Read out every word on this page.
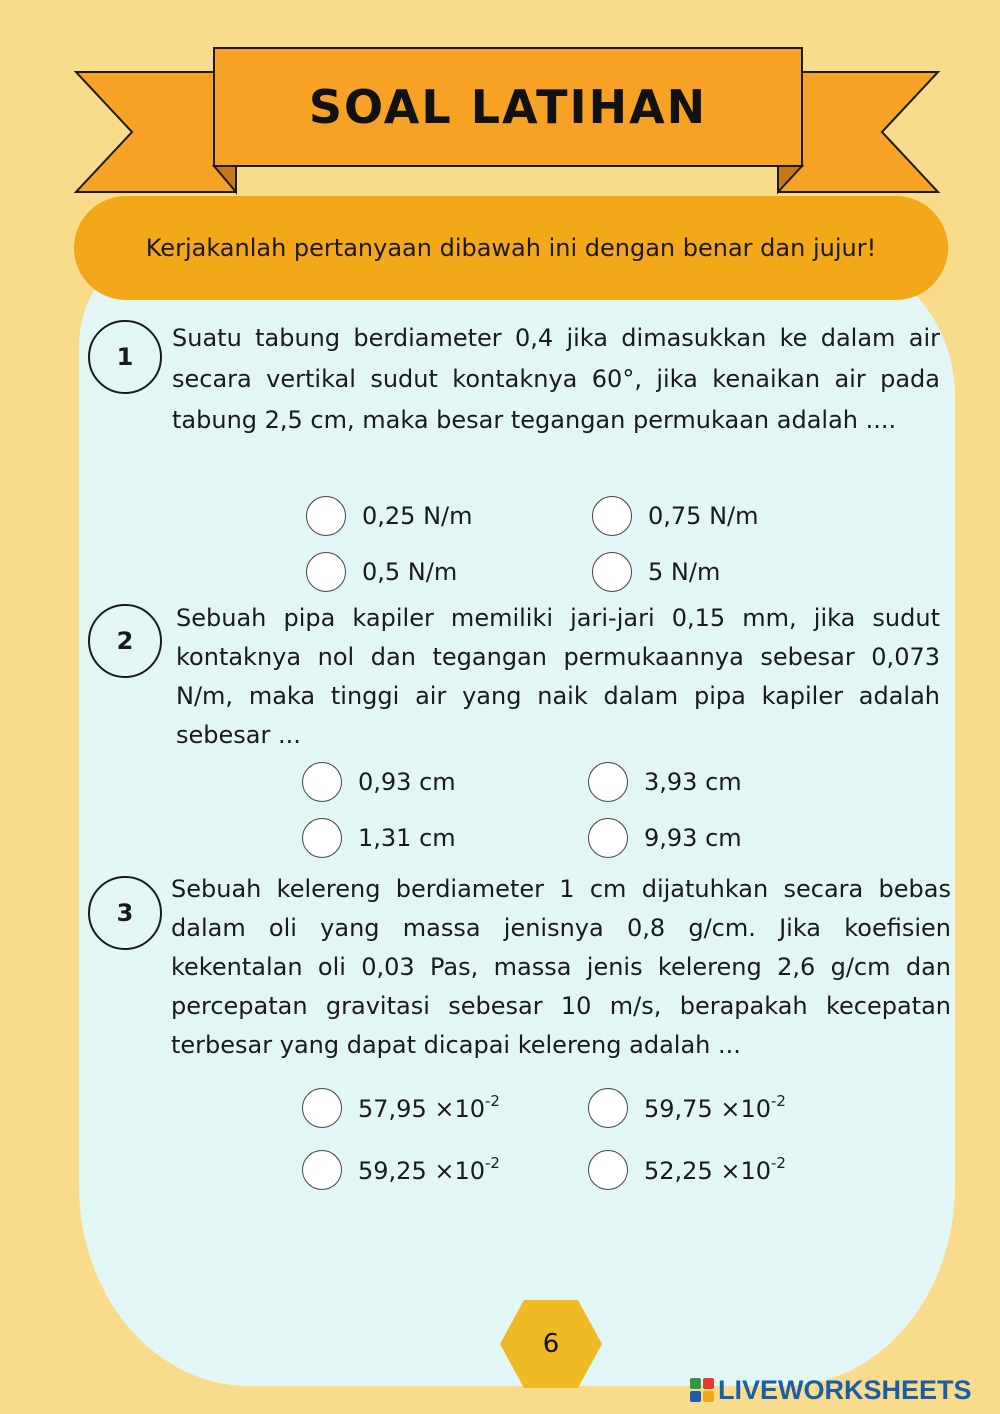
SOAL LATIHAN
Kerjakanlah pertanyaan dibawah ini dengan benar dan jujur!
1
Suatu tabung berdiameter 0,4 jika dimasukkan ke dalam air secara vertikal sudut kontaknya 60°, jika kenaikan air pada tabung 2,5 cm, maka besar tegangan permukaan adalah ....
0,25 N/m	0,75 N/m
0,5 N/m	5 N/m
2
Sebuah pipa kapiler memiliki jari-jari 0,15 mm, jika sudut kontaknya nol dan tegangan permukaannya sebesar 0,073 N/m, maka tinggi air yang naik dalam pipa kapiler adalah sebesar ...
0,93 cm	3,93 cm
1,31 cm	9,93 cm
3
Sebuah kelereng berdiameter 1 cm dijatuhkan secara bebas dalam oli yang massa jenisnya 0,8 g/cm. Jika koefisien kekentalan oli 0,03 Pas, massa jenis kelereng 2,6 g/cm dan percepatan gravitasi sebesar 10 m/s, berapakah kecepatan terbesar yang dapat dicapai kelereng adalah ...
$57,95 \times 10^{-2}$	$59,75 \times 10^{-2}$
$59,25 \times 10^{-2}$	$52,25 \times 10^{-2}$
6
LIVEWORKSHEETS
